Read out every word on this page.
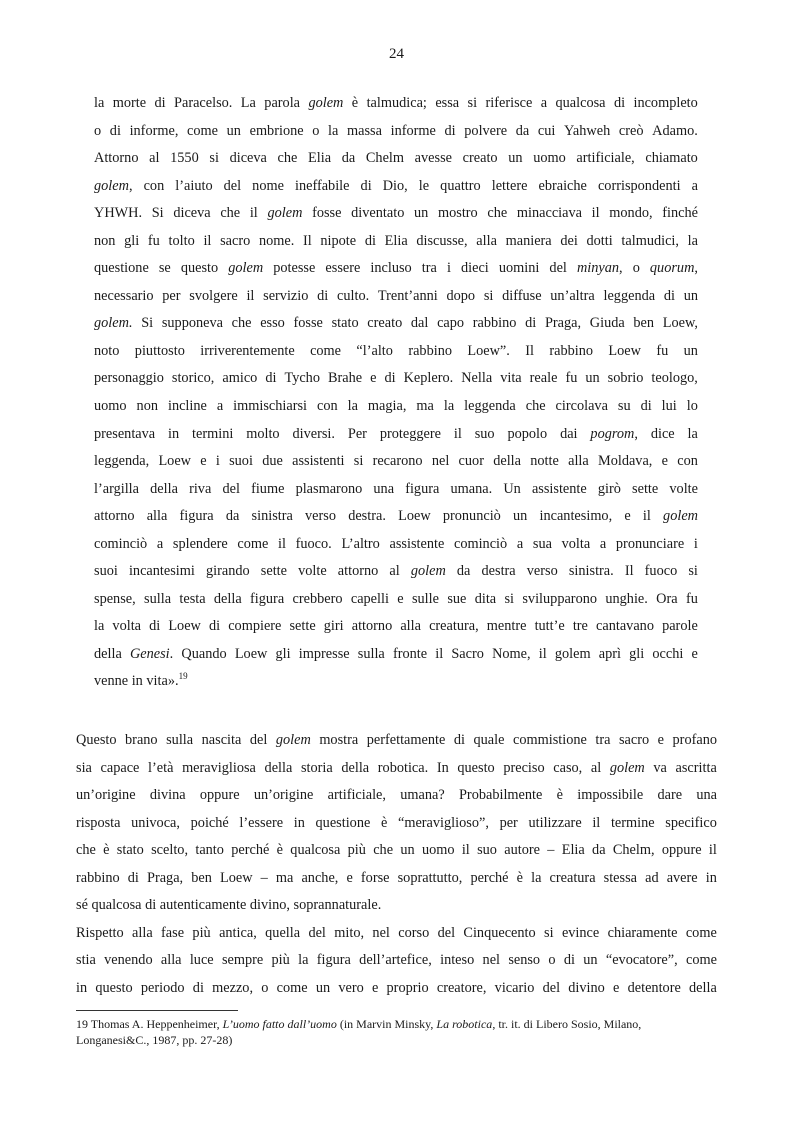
24
la morte di Paracelso. La parola golem è talmudica; essa si riferisce a qualcosa di incompleto
o di informe, come un embrione o la massa informe di polvere da cui Yahweh creò Adamo.
Attorno al 1550 si diceva che Elia da Chelm avesse creato un uomo artificiale, chiamato
golem, con l’aiuto del nome ineffabile di Dio, le quattro lettere ebraiche corrispondenti a
YHWH. Si diceva che il golem fosse diventato un mostro che minacciava il mondo, finché
non gli fu tolto il sacro nome. Il nipote di Elia discusse, alla maniera dei dotti talmudici, la
questione se questo golem potesse essere incluso tra i dieci uomini del minyan, o quorum,
necessario per svolgere il servizio di culto. Trent’anni dopo si diffuse un’altra leggenda di un
golem. Si supponeva che esso fosse stato creato dal capo rabbino di Praga, Giuda ben Loew,
noto piuttosto irriverentemente come “l’alto rabbino Loew”. Il rabbino Loew fu un
personaggio storico, amico di Tycho Brahe e di Keplero. Nella vita reale fu un sobrio teologo,
uomo non incline a immischiarsi con la magia, ma la leggenda che circolava su di lui lo
presentava in termini molto diversi. Per proteggere il suo popolo dai pogrom, dice la
leggenda, Loew e i suoi due assistenti si recarono nel cuor della notte alla Moldava, e con
l’argilla della riva del fiume plasmarono una figura umana. Un assistente girò sette volte
attorno alla figura da sinistra verso destra. Loew pronunciò un incantesimo, e il golem
cominciò a splendere come il fuoco. L’altro assistente cominciò a sua volta a pronunciare i
suoi incantesimi girando sette volte attorno al golem da destra verso sinistra. Il fuoco si
spense, sulla testa della figura crebbero capelli e sulle sue dita si svilupparono unghie. Ora fu
la volta di Loew di compiere sette giri attorno alla creatura, mentre tutt’e tre cantavano parole
della Genesi. Quando Loew gli impresse sulla fronte il Sacro Nome, il golem aprì gli occhi e
venne in vita».$^{19}$
Questo brano sulla nascita del golem mostra perfettamente di quale commistione tra sacro e profano
sia capace l’età meravigliosa della storia della robotica. In questo preciso caso, al golem va ascritta
un’origine divina oppure un’origine artificiale, umana? Probabilmente è impossibile dare una
risposta univoca, poiché l’essere in questione è “meraviglioso”, per utilizzare il termine specifico
che è stato scelto, tanto perché è qualcosa più che un uomo il suo autore – Elia da Chelm, oppure il
rabbino di Praga, ben Loew – ma anche, e forse soprattutto, perché è la creatura stessa ad avere in
sé qualcosa di autenticamente divino, soprannaturale.
Rispetto alla fase più antica, quella del mito, nel corso del Cinquecento si evince chiaramente come
stia venendo alla luce sempre più la figura dell’artefice, inteso nel senso o di un “evocatore”, come
in questo periodo di mezzo, o come un vero e proprio creatore, vicario del divino e detentore della
19 Thomas A. Heppenheimer, L’uomo fatto dall’uomo (in Marvin Minsky, La robotica, tr. it. di Libero Sosio, Milano,
Longanesi&C., 1987, pp. 27-28)
